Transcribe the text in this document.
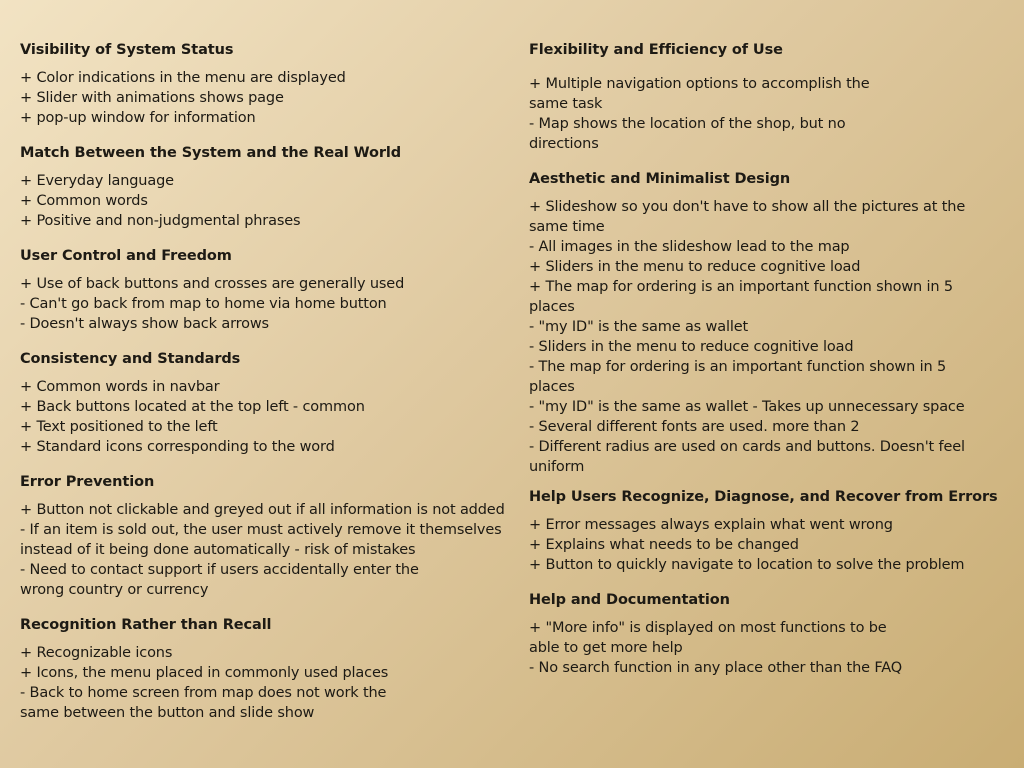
Visibility of System Status
+ Color indications in the menu are displayed
+ Slider with animations shows page
+ pop-up window for information
Match Between the System and the Real World
+ Everyday language
+ Common words
+ Positive and non-judgmental phrases
User Control and Freedom
+ Use of back buttons and crosses are generally used
- Can't go back from map to home via home button
- Doesn't always show back arrows
Consistency and Standards
+ Common words in navbar
+ Back buttons located at the top left - common
+ Text positioned to the left
+ Standard icons corresponding to the word
Error Prevention
+ Button not clickable and greyed out if all information is not added
- If an item is sold out, the user must actively remove it themselves instead of it being done automatically - risk of mistakes
- Need to contact support if users accidentally enter the wrong country or currency
Recognition Rather than Recall
+ Recognizable icons
+ Icons, the menu placed in commonly used places
- Back to home screen from map does not work the same between the button and slide show
Flexibility and Efficiency of Use
+ Multiple navigation options to accomplish the same task
- Map shows the location of the shop, but no directions
Aesthetic and Minimalist Design
+ Slideshow so you don't have to show all the pictures at the same time
- All images in the slideshow lead to the map
+ Sliders in the menu to reduce cognitive load
+ The map for ordering is an important function shown in 5 places
- "my ID" is the same as wallet
- Sliders in the menu to reduce cognitive load
- The map for ordering is an important function shown in 5 places
- "my ID" is the same as wallet - Takes up unnecessary space
- Several different fonts are used. more than 2
- Different radius are used on cards and buttons. Doesn't feel uniform
Help Users Recognize, Diagnose, and Recover from Errors
+ Error messages always explain what went wrong
+ Explains what needs to be changed
+ Button to quickly navigate to location to solve the problem
Help and Documentation
+ "More info" is displayed on most functions to be able to get more help
- No search function in any place other than the FAQ
